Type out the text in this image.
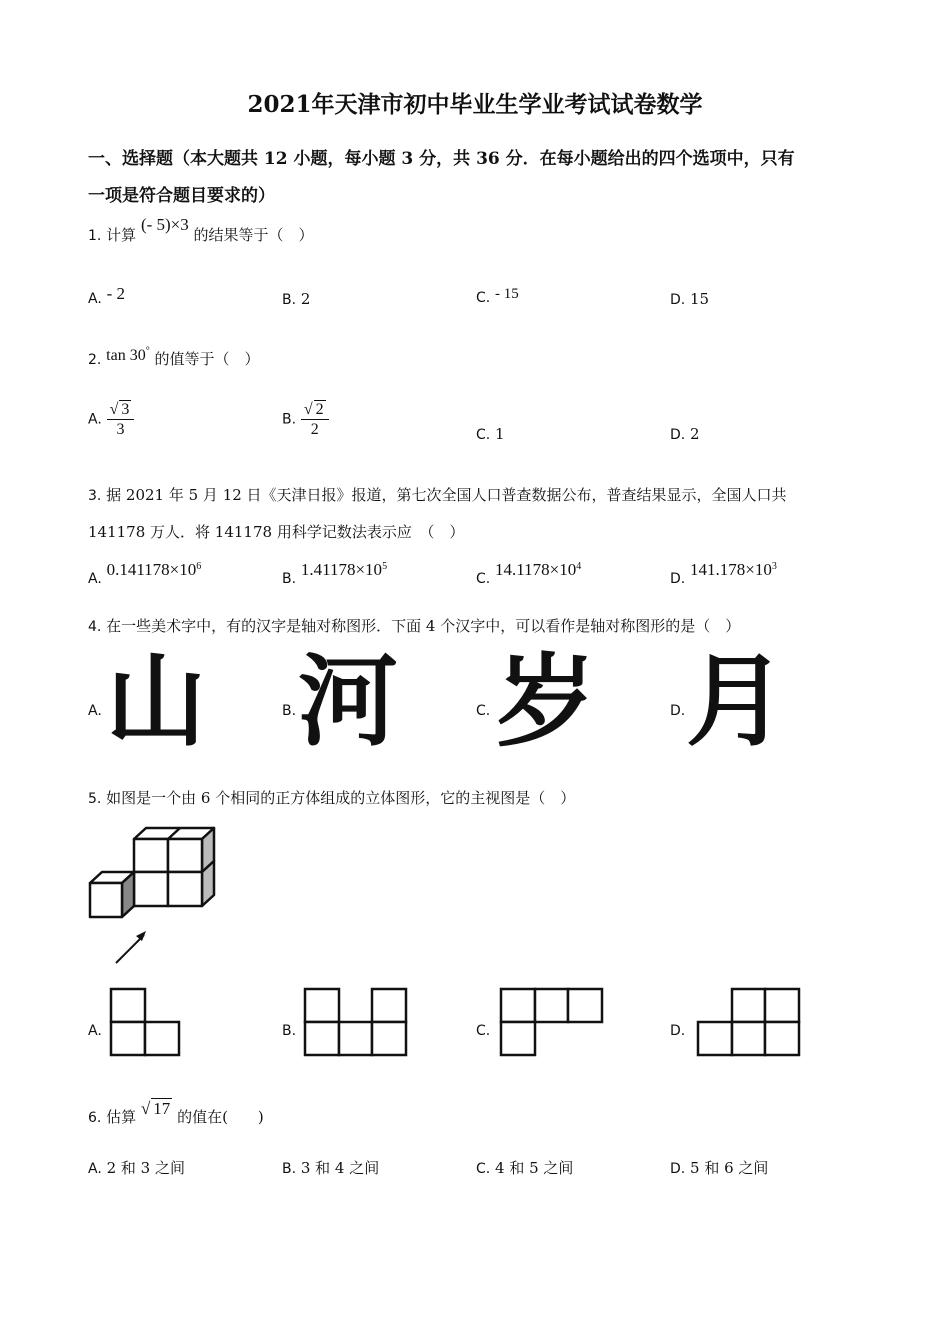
2021年天津市初中毕业生学业考试试卷数学
一、选择题（本大题共 12 小题，每小题 3 分，共 36 分．在每小题给出的四个选项中，只有
一项是符合题目要求的）
1. 计算 (- 5)×3 的结果等于（　）
A. - 2	B. 2	C. - 15	D. 15
2. tan 30° 的值等于（　）
A. $\frac{√ 3}{3}$	B. $\frac{√ 2}{2}$	C. 1	D. 2
3. 据 2021 年 5 月 12 日《天津日报》报道，第七次全国人口普查数据公布，普查结果显示，全国人口共
141178 万人．将 141178 用科学记数法表示应　（　）
A. $0.141178\times 10^6$
B. $1.41178\times 10^5$
C. $14.1178\times 10^4$
D. $141.178\times 10^3$
4. 在一些美术字中，有的汉字是轴对称图形．下面 4 个汉字中，可以看作是轴对称图形的是（　）
A. 山	B. 河	C. 岁	D. 月
5. 如图是一个由 6 个相同的正方体组成的立体图形，它的主视图是（　）
A.	B.	C.	D.
6. 估算 √ 17 的值在(　　)
A. 2 和 3 之间	B. 3 和 4 之间	C. 4 和 5 之间	D. 5 和 6 之间
